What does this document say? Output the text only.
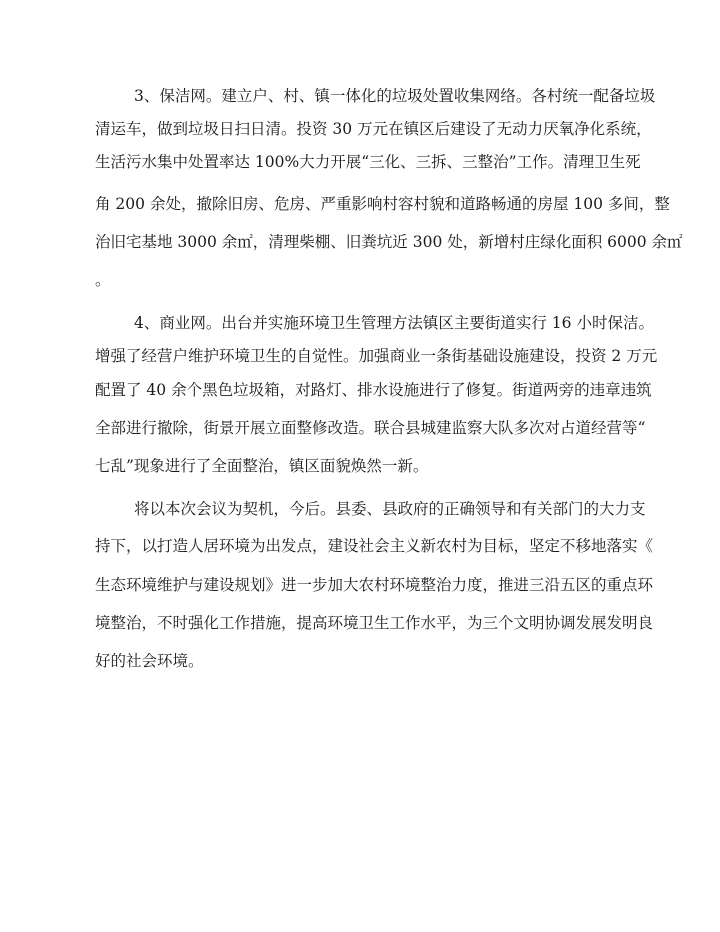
3、保洁网。建立户、村、镇一体化的垃圾处置收集网络。各村统一配备垃圾
清运车，做到垃圾日扫日清。投资 30 万元在镇区后建设了无动力厌氧净化系统，
生活污水集中处置率达 100%大力开展“三化、三拆、三整治”工作。清理卫生死
角 200 余处，撤除旧房、危房、严重影响村容村貌和道路畅通的房屋 100 多间，整
治旧宅基地 3000 余㎡，清理柴棚、旧粪坑近 300 处，新增村庄绿化面积 6000 余㎡
。
4、商业网。出台并实施环境卫生管理方法镇区主要街道实行 16 小时保洁。
增强了经营户维护环境卫生的自觉性。加强商业一条街基础设施建设，投资 2 万元
配置了 40 余个黑色垃圾箱，对路灯、排水设施进行了修复。街道两旁的违章违筑
全部进行撤除，街景开展立面整修改造。联合县城建监察大队多次对占道经营等“
七乱”现象进行了全面整治，镇区面貌焕然一新。
将以本次会议为契机，今后。县委、县政府的正确领导和有关部门的大力支
持下，以打造人居环境为出发点，建设社会主义新农村为目标，坚定不移地落实《
生态环境维护与建设规划》进一步加大农村环境整治力度，推进三沿五区的重点环
境整治，不时强化工作措施，提高环境卫生工作水平，为三个文明协调发展发明良
好的社会环境。
